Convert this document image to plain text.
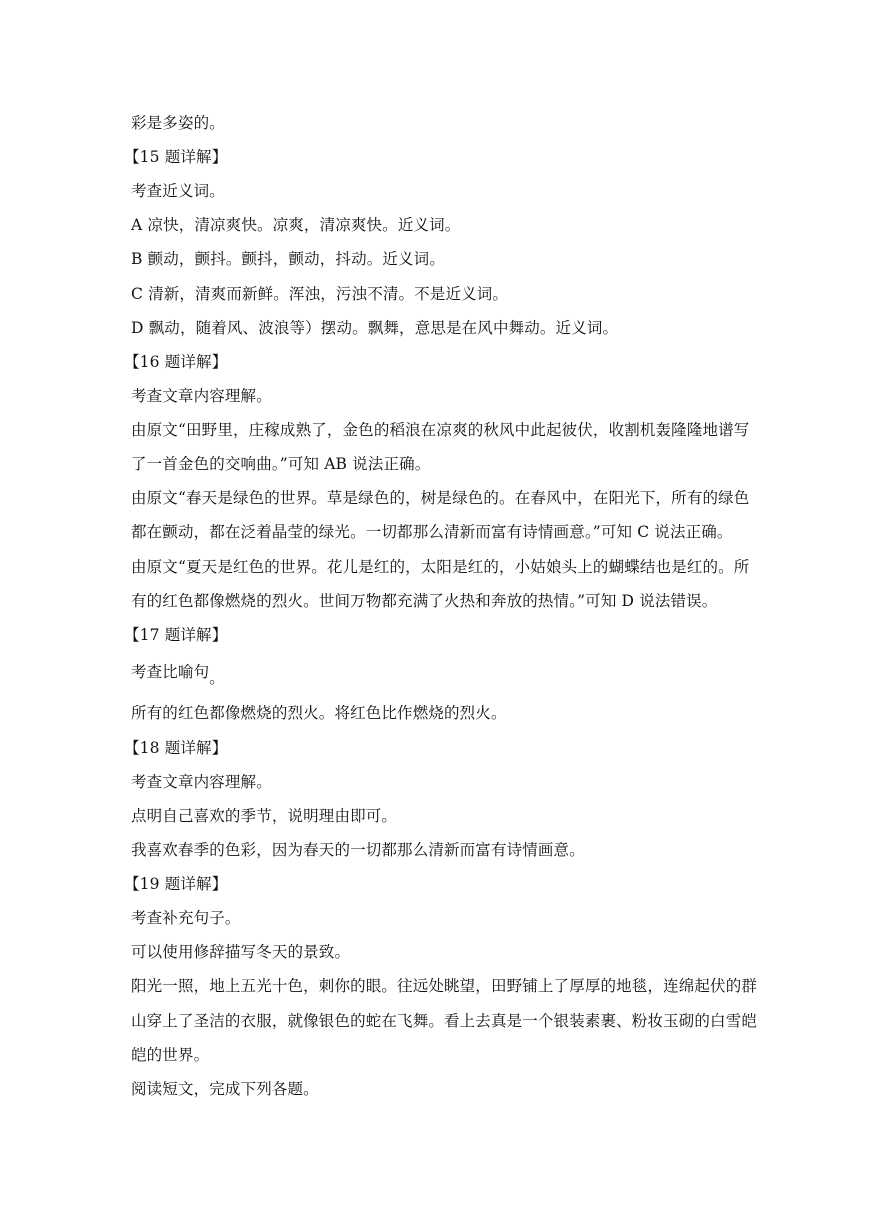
彩是多姿的。
【15 题详解】
考查近义词。
A 凉快，清凉爽快。凉爽，清凉爽快。近义词。
B 颤动，颤抖。颤抖，颤动，抖动。近义词。
C 清新，清爽而新鲜。浑浊，污浊不清。不是近义词。
D 飘动，随着风、波浪等）摆动。飘舞，意思是在风中舞动。近义词。
【16 题详解】
考查文章内容理解。
由原文“田野里，庄稼成熟了，金色的稻浪在凉爽的秋风中此起彼伏，收割机轰隆隆地谱写
了一首金色的交响曲。”可知 AB 说法正确。
由原文“春天是绿色的世界。草是绿色的，树是绿色的。在春风中，在阳光下，所有的绿色
都在颤动，都在泛着晶莹的绿光。一切都那么清新而富有诗情画意。”可知 C 说法正确。
由原文“夏天是红色的世界。花儿是红的，太阳是红的，小姑娘头上的蝴蝶结也是红的。所
有的红色都像燃烧的烈火。世间万物都充满了火热和奔放的热情。”可知 D 说法错误。
【17 题详解】
考查比喻句。
所有的红色都像燃烧的烈火。将红色比作燃烧的烈火。
【18 题详解】
考查文章内容理解。
点明自己喜欢的季节，说明理由即可。
我喜欢春季的色彩，因为春天的一切都那么清新而富有诗情画意。
【19 题详解】
考查补充句子。
可以使用修辞描写冬天的景致。
阳光一照，地上五光十色，刺你的眼。往远处眺望，田野铺上了厚厚的地毯，连绵起伏的群
山穿上了圣洁的衣服，就像银色的蛇在飞舞。看上去真是一个银装素裹、粉妆玉砌的白雪皑
皑的世界。
阅读短文，完成下列各题。
